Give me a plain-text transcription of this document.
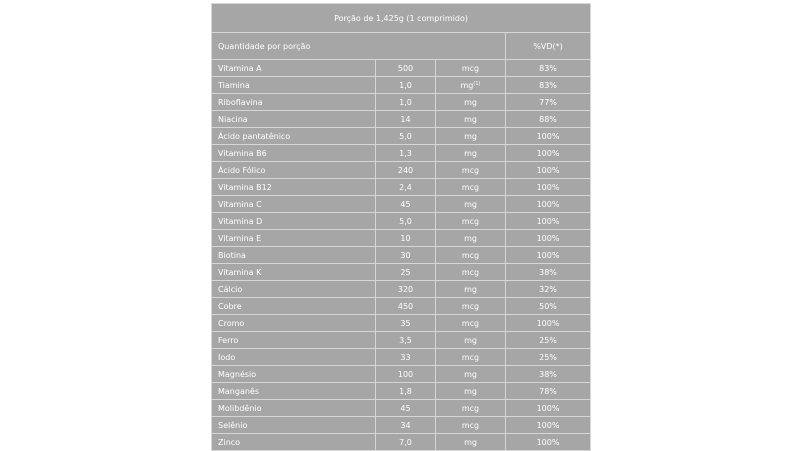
Porção de 1,425g (1 comprimido)			
Quantidade por porção			%VD(*)
Vitamina A	500	mcg	83%
Tiamina	1,0	$mg^{(1)}$	83%
Riboflavina	1,0	mg	77%
Niacina	14	mg	88%
Ácido pantatênico	5,0	mg	100%
Vitamina B6	1,3	mg	100%
Ácido Fólico	240	mcg	100%
Vitamina B12	2,4	mcg	100%
Vitamina C	45	mg	100%
Vitamina D	5,0	mcg	100%
Vitamina E	10	mg	100%
Biotina	30	mcg	100%
Vitamina K	25	mcg	38%
Cálcio	320	mg	32%
Cobre	450	mcg	50%
Cromo	35	mcg	100%
Ferro	3,5	mg	25%
Iodo	33	mcg	25%
Magnésio	100	mg	38%
Manganês	1,8	mg	78%
Molibdênio	45	mcg	100%
Selênio	34	mcg	100%
Zinco	7,0	mg	100%
